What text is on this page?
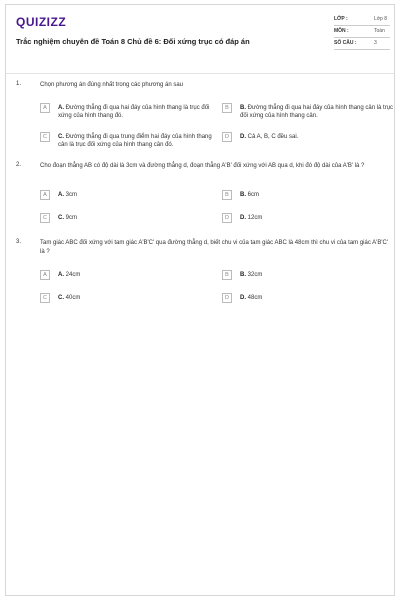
QUIZIZZ
Trắc nghiệm chuyên đề Toán 8 Chủ đề 6: Đối xứng trục có đáp án
LỚP :	Lớp 8
MÔN :	Toán
SỐ CÂU :	3
1.	Chọn phương án đúng nhất trong các phương án sau
A	A. Đường thẳng đi qua hai đáy của hình thang là trục đối xứng của hình thang đó.
B	B. Đường thẳng đi qua hai đáy của hình thang cân là trục đối xứng của hình thang cân.
C	C. Đường thẳng đi qua trung điểm hai đáy của hình thang cân là trục đối xứng của hình thang cân đó.
D	D. Cả A, B, C đều sai.
2.	Cho đoạn thẳng AB có độ dài là 3cm và đường thẳng d, đoạn thẳng A'B' đối xứng với AB qua d, khi đó độ dài của A'B' là ?
A	A. 3cm	B	B. 6cm
C	C. 9cm	D	D. 12cm
3.	Tam giác ABC đối xứng với tam giác A'B'C' qua đường thẳng d, biết chu vi của tam giác ABC là 48cm thì chu vi của tam giác A'B'C' là ?
A	A. 24cm	B	B. 32cm
C	C. 40cm	D	D. 48cm
